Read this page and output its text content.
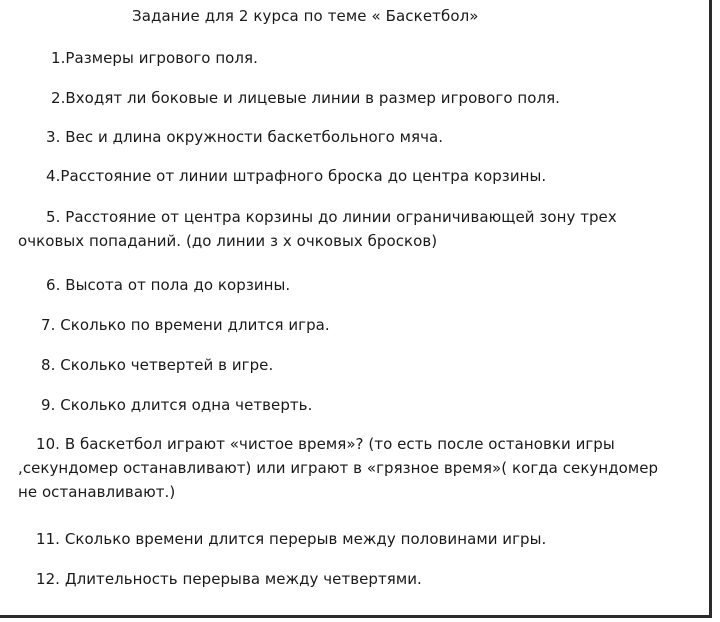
Задание для 2 курса по теме « Баскетбол»
1.Размеры игрового поля.
2.Входят ли боковые и лицевые линии в размер игрового поля.
3. Вес и длина окружности баскетбольного мяча.
4.Расстояние от линии штрафного броска до центра корзины.
5. Расстояние от центра корзины до линии ограничивающей зону трех
очковых попаданий. (до линии з х очковых бросков)
6. Высота от пола до корзины.
7. Сколько по времени длится игра.
8. Сколько четвертей в игре.
9. Сколько длится одна четверть.
10. В баскетбол играют «чистое время»? (то есть после остановки игры
,секундомер останавливают) или играют в «грязное время»( когда секундомер
не останавливают.)
11. Сколько времени длится перерыв между половинами игры.
12. Длительность перерыва между четвертями.
